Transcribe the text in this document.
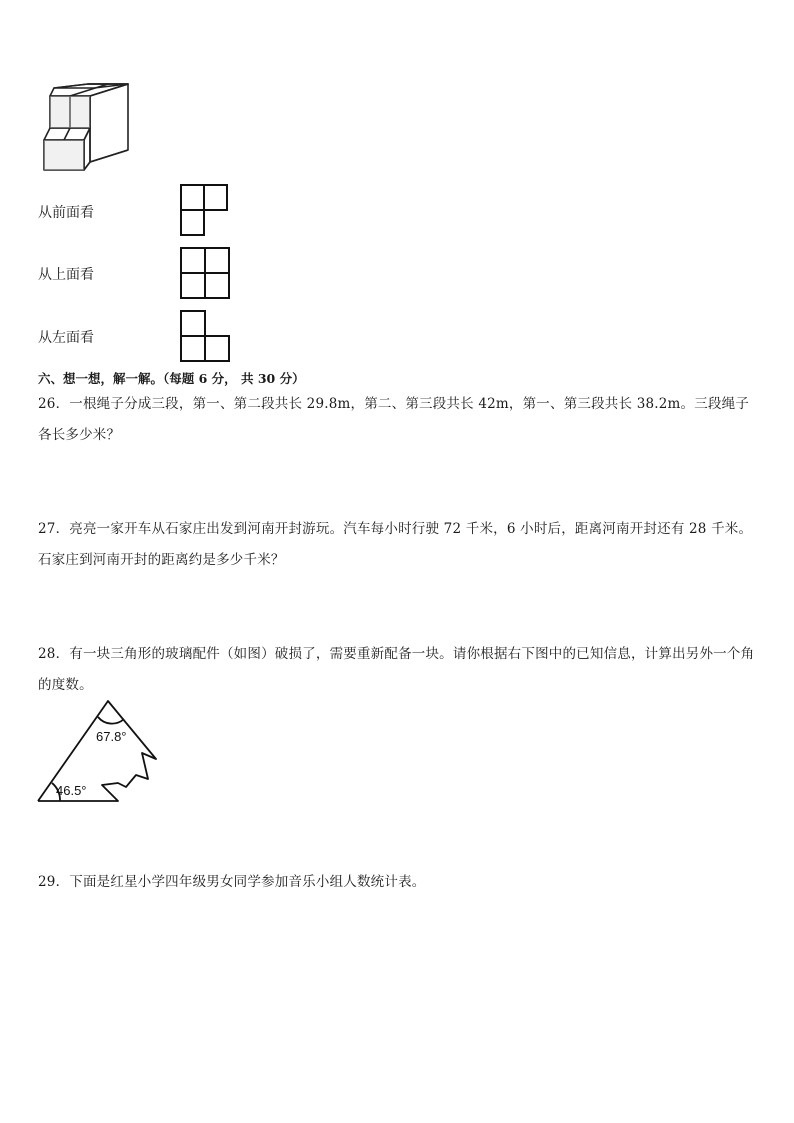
从前面看
从上面看
从左面看
六、想一想，解一解。（每题 6 分， 共 30 分）
26．一根绳子分成三段，第一、第二段共长 29.8m，第二、第三段共长 42m，第一、第三段共长 38.2m。三段绳子各长多少米？
27．亮亮一家开车从石家庄出发到河南开封游玩。汽车每小时行驶 72 千米，6 小时后，距离河南开封还有 28 千米。石家庄到河南开封的距离约是多少千米？
28．有一块三角形的玻璃配件（如图）破损了，需要重新配备一块。请你根据右下图中的已知信息，计算出另外一个角的度数。
67.8°
46.5°
29．下面是红星小学四年级男女同学参加音乐小组人数统计表。
